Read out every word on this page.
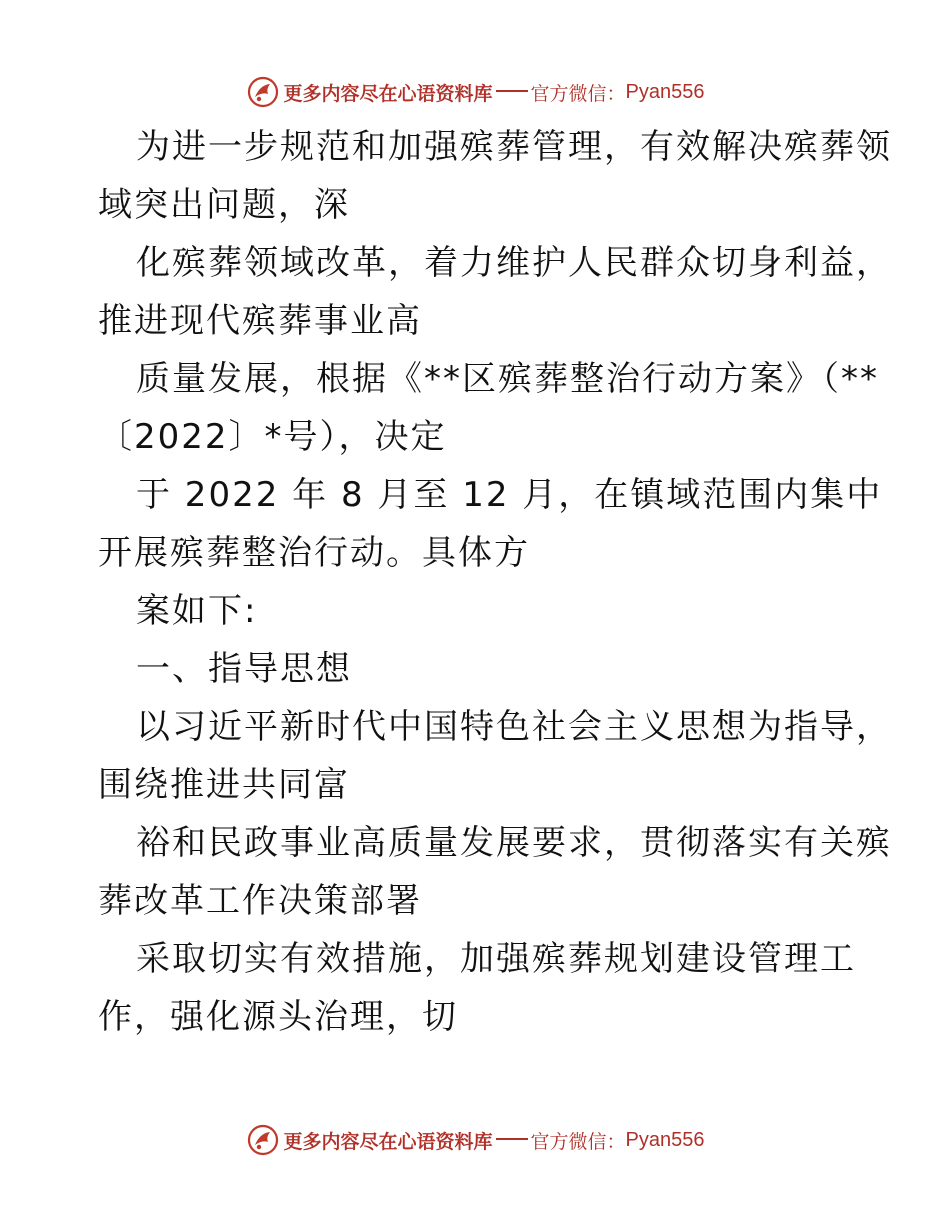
更多内容尽在心语资料库 官方微信： Pyan556
为进一步规范和加强殡葬管理，有效解决殡葬领
域突出问题，深
化殡葬领域改革，着力维护人民群众切身利益，
推进现代殡葬事业高
质量发展，根据《**区殡葬整治行动方案》（**
〔2022〕*号），决定
于 2022 年 8 月至 12 月，在镇域范围内集中
开展殡葬整治行动。具体方
案如下:
一、指导思想
以习近平新时代中国特色社会主义思想为指导，
围绕推进共同富
裕和民政事业高质量发展要求，贯彻落实有关殡
葬改革工作决策部署
采取切实有效措施，加强殡葬规划建设管理工
作，强化源头治理，切
更多内容尽在心语资料库 官方微信： Pyan556
